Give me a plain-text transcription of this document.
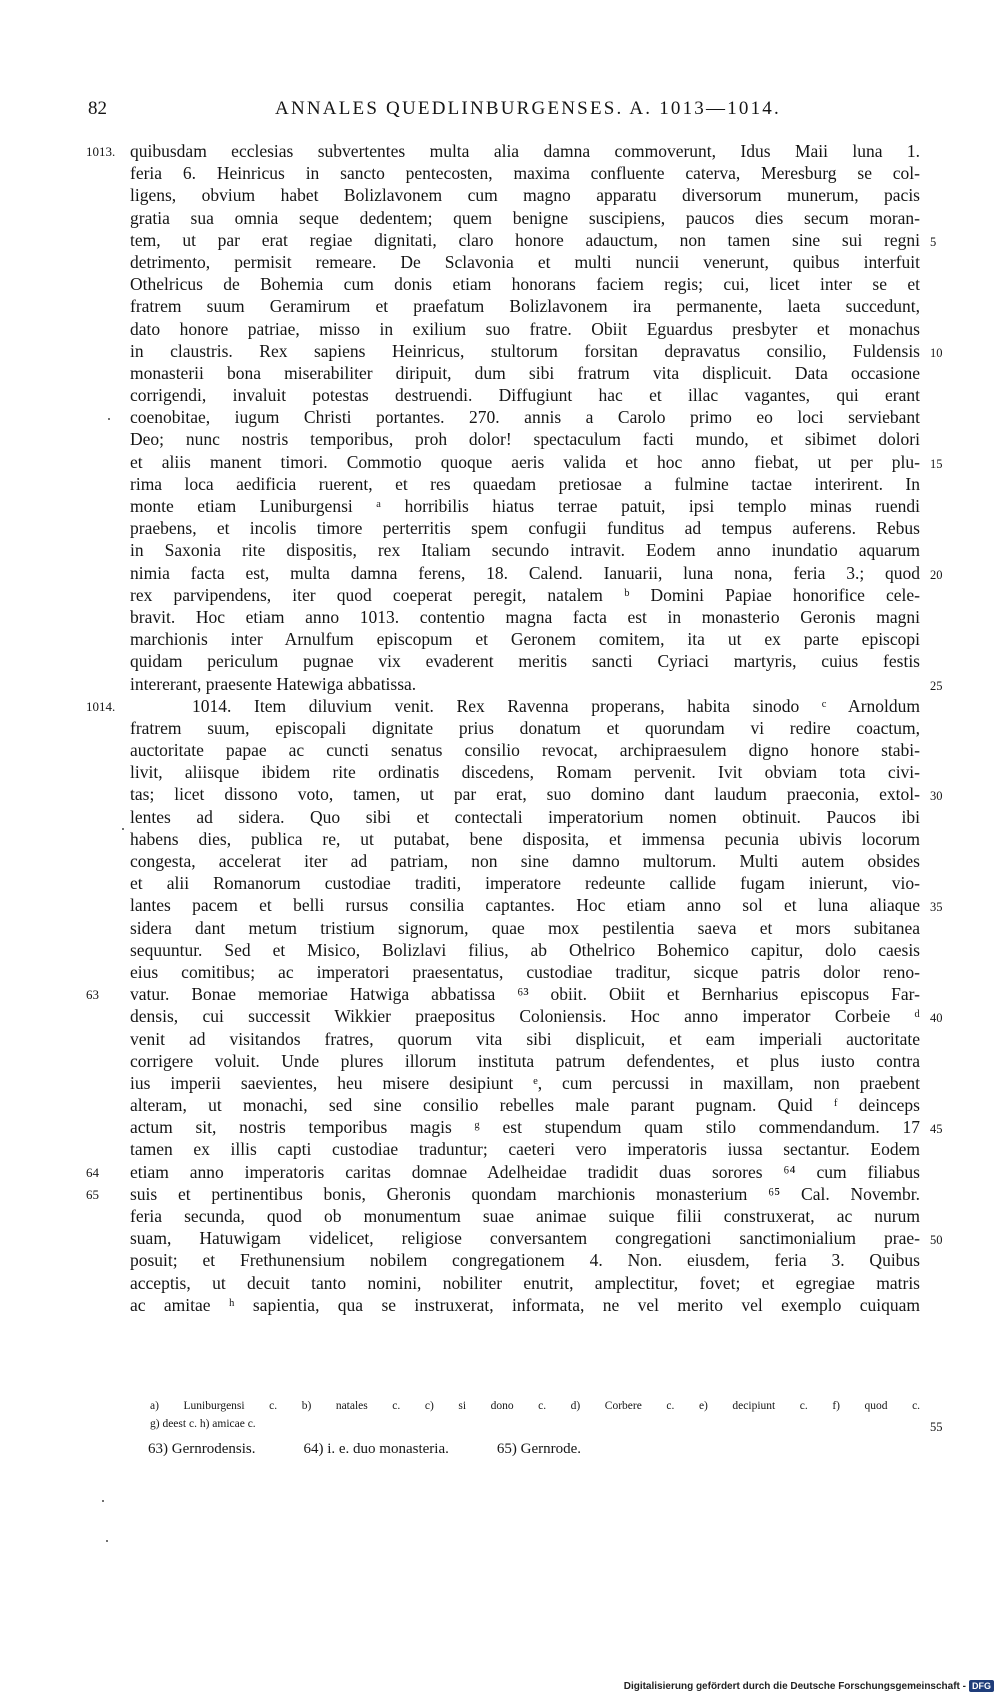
82	ANNALES QUEDLINBURGENSES. A. 1013—1014.
1013. quibusdam ecclesias subvertentes multa alia damna commoverunt, Idus Maii luna 1.
feria 6. Heinricus in sancto pentecosten, maxima confluente caterva, Meresburg se col-
ligens, obvium habet Bolizlavonem cum magno apparatu diversorum munerum, pacis
gratia sua omnia seque dedentem; quem benigne suscipiens, paucos dies secum moran-
tem, ut par erat regiae dignitati, claro honore adauctum, non tamen sine sui regni 5
detrimento, permisit remeare. De Sclavonia et multi nuncii venerunt, quibus interfuit
Othelricus de Bohemia cum donis etiam honorans faciem regis; cui, licet inter se et
fratrem suum Geramirum et praefatum Bolizlavonem ira permanente, laeta succedunt,
dato honore patriae, misso in exilium suo fratre. Obiit Eguardus presbyter et monachus
in claustris. Rex sapiens Heinricus, stultorum forsitan depravatus consilio, Fuldensis 10
monasterii bona miserabiliter diripuit, dum sibi fratrum vita displicuit. Data occasione
corrigendi, invaluit potestas destruendi. Diffugiunt hac et illac vagantes, qui erant
coenobitae, iugum Christi portantes. 270. annis a Carolo primo eo loci serviebant
Deo; nunc nostris temporibus, proh dolor! spectaculum facti mundo, et sibimet dolori
et aliis manent timori. Commotio quoque aeris valida et hoc anno fiebat, ut per plu- 15
rima loca aedificia ruerent, et res quaedam pretiosae a fulmine tactae interirent. In
monte etiam Luniburgensi ᵃ horribilis hiatus terrae patuit, ipsi templo minas ruendi
praebens, et incolis timore perterritis spem confugii funditus ad tempus auferens. Rebus
in Saxonia rite dispositis, rex Italiam secundo intravit. Eodem anno inundatio aquarum
nimia facta est, multa damna ferens, 18. Calend. Ianuarii, luna nona, feria 3.; quod 20
rex parvipendens, iter quod coeperat peregit, natalem ᵇ Domini Papiae honorifice cele-
bravit. Hoc etiam anno 1013. contentio magna facta est in monasterio Geronis magni
marchionis inter Arnulfum episcopum et Geronem comitem, ita ut ex parte episcopi
quidam periculum pugnae vix evaderent meritis sancti Cyriaci martyris, cuius festis
intererant, praesente Hatewiga abbatissa.	25
1014.	1014. Item diluvium venit. Rex Ravenna properans, habita sinodo ᶜ Arnoldum
fratrem suum, episcopali dignitate prius donatum et quorundam vi redire coactum,
auctoritate papae ac cuncti senatus consilio revocat, archipraesulem digno honore stabi-
livit, aliisque ibidem rite ordinatis discedens, Romam pervenit. Ivit obviam tota civi-
tas; licet dissono voto, tamen, ut par erat, suo domino dant laudum praeconia, extol- 30
lentes ad sidera. Quo sibi et contectali imperatorium nomen obtinuit. Paucos ibi
habens dies, publica re, ut putabat, bene disposita, et immensa pecunia ubivis locorum
congesta, accelerat iter ad patriam, non sine damno multorum. Multi autem obsides
et alii Romanorum custodiae traditi, imperatore redeunte callide fugam inierunt, vio-
lantes pacem et belli rursus consilia captantes. Hoc etiam anno sol et luna aliaque 35
sidera dant metum tristium signorum, quae mox pestilentia saeva et mors subitanea
sequuntur. Sed et Misico, Bolizlavi filius, ab Othelrico Bohemico capitur, dolo caesis
eius comitibus; ac imperatori praesentatus, custodiae traditur, sicque patris dolor reno-
63 vatur. Bonae memoriae Hatwiga abbatissa ⁶³ obiit. Obiit et Bernharius episcopus Far-
densis, cui successit Wikkier praepositus Coloniensis. Hoc anno imperator Corbeie ᵈ 40
venit ad visitandos fratres, quorum vita sibi displicuit, et eam imperiali auctoritate
corrigere voluit. Unde plures illorum instituta patrum defendentes, et plus iusto contra
ius imperii saevientes, heu misere desipiunt ᵉ, cum percussi in maxillam, non praebent
alteram, ut monachi, sed sine consilio rebelles male parant pugnam. Quid ᶠ deinceps
actum sit, nostris temporibus magis ᵍ est stupendum quam stilo commendandum. 17 45
tamen ex illis capti custodiae traduntur; caeteri vero imperatoris iussa sectantur. Eodem
64 etiam anno imperatoris caritas domnae Adelheidae tradidit duas sorores ⁶⁴ cum filiabus
65 suis et pertinentibus bonis, Gheronis quondam marchionis monasterium ⁶⁵ Cal. Novembr.
feria secunda, quod ob monumentum suae animae suique filii construxerat, ac nurum
suam, Hatuwigam videlicet, religiose conversantem congregationi sanctimonialium prae- 50
posuit; et Frethunensium nobilem congregationem 4. Non. eiusdem, feria 3. Quibus
acceptis, ut decuit tanto nomini, nobiliter enutrit, amplectitur, fovet; et egregiae matris
ac amitae ʰ sapientia, qua se instruxerat, informata, ne vel merito vel exemplo cuiquam
a) Luniburgensi c. b) natales c. c) si dono c. d) Corbere c. e) decipiunt c. f) quod c.
g) deest c. h) amicae c.	55
63) Gernrodensis.	64) i. e. duo monasteria.	65) Gernrode.
Digitalisierung gefördert durch die Deutsche Forschungsgemeinschaft - DFG
